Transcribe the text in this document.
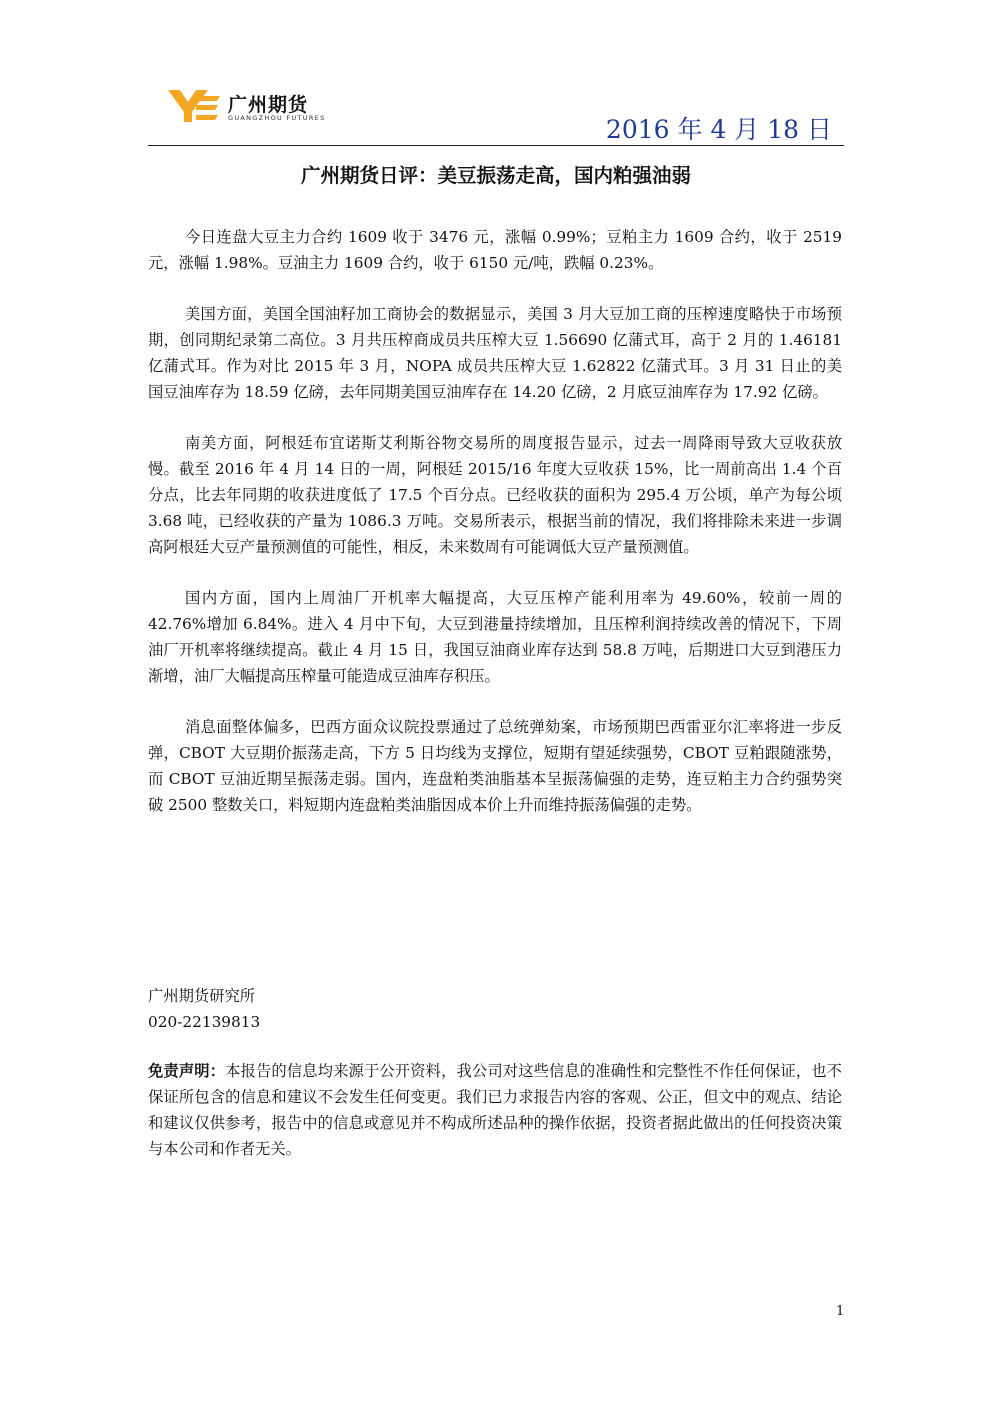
广州期货
GUANGZHOU FUTURES	2016 年 4 月 18 日
广州期货日评：美豆振荡走高，国内粕强油弱

今日连盘大豆主力合约 1609 收于 3476 元，涨幅 0.99%；豆粕主力 1609 合约，收于 2519 元，涨幅 1.98%。豆油主力 1609 合约，收于 6150 元/吨，跌幅 0.23%。

美国方面，美国全国油籽加工商协会的数据显示，美国 3 月大豆加工商的压榨速度略快于市场预期，创同期纪录第二高位。3 月共压榨商成员共压榨大豆 1.56690 亿蒲式耳，高于 2 月的 1.46181 亿蒲式耳。作为对比 2015 年 3 月，NOPA 成员共压榨大豆 1.62822 亿蒲式耳。3 月 31 日止的美国豆油库存为 18.59 亿磅，去年同期美国豆油库存在 14.20 亿磅，2 月底豆油库存为 17.92 亿磅。

南美方面，阿根廷布宜诺斯艾利斯谷物交易所的周度报告显示，过去一周降雨导致大豆收获放慢。截至 2016 年 4 月 14 日的一周，阿根廷 2015/16 年度大豆收获 15%，比一周前高出 1.4 个百分点，比去年同期的收获进度低了 17.5 个百分点。已经收获的面积为 295.4 万公顷，单产为每公顷 3.68 吨，已经收获的产量为 1086.3 万吨。交易所表示，根据当前的情况，我们将排除未来进一步调高阿根廷大豆产量预测值的可能性，相反，未来数周有可能调低大豆产量预测值。

国内方面，国内上周油厂开机率大幅提高，大豆压榨产能利用率为 49.60%，较前一周的 42.76%增加 6.84%。进入 4 月中下旬，大豆到港量持续增加，且压榨利润持续改善的情况下，下周油厂开机率将继续提高。截止 4 月 15 日，我国豆油商业库存达到 58.8 万吨，后期进口大豆到港压力渐增，油厂大幅提高压榨量可能造成豆油库存积压。

消息面整体偏多，巴西方面众议院投票通过了总统弹劾案，市场预期巴西雷亚尔汇率将进一步反弹，CBOT 大豆期价振荡走高，下方 5 日均线为支撑位，短期有望延续强势，CBOT 豆粕跟随涨势，而 CBOT 豆油近期呈振荡走弱。国内，连盘粕类油脂基本呈振荡偏强的走势，连豆粕主力合约强势突破 2500 整数关口，料短期内连盘粕类油脂因成本价上升而维持振荡偏强的走势。

广州期货研究所
020-22139813
免责声明：本报告的信息均来源于公开资料，我公司对这些信息的准确性和完整性不作任何保证，也不保证所包含的信息和建议不会发生任何变更。我们已力求报告内容的客观、公正，但文中的观点、结论和建议仅供参考，报告中的信息或意见并不构成所述品种的操作依据，投资者据此做出的任何投资决策与本公司和作者无关。
1
